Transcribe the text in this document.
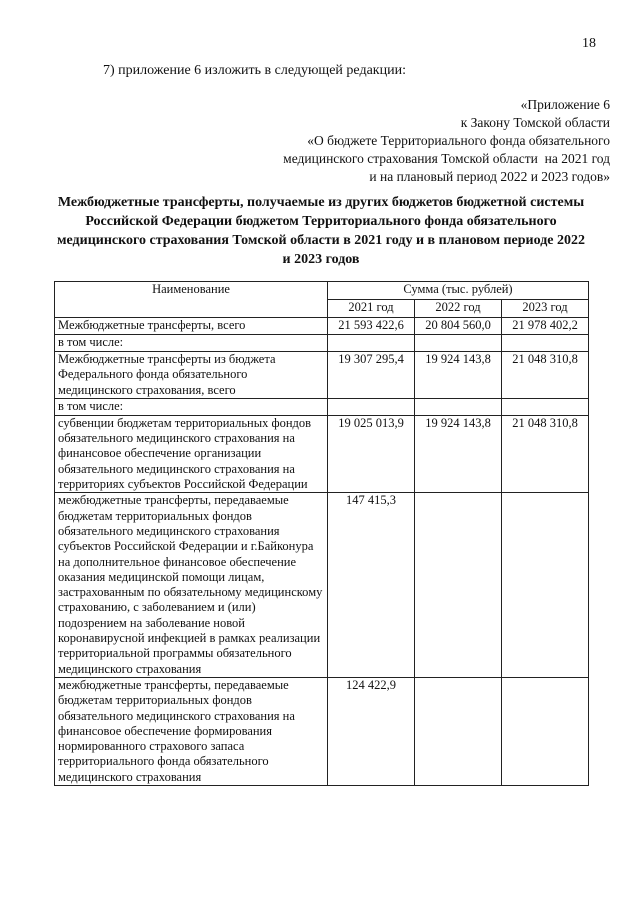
18
7) приложение 6 изложить в следующей редакции:
«Приложение 6
к Закону Томской области
«О бюджете Территориального фонда обязательного
медицинского страхования Томской области  на 2021 год
и на плановый период 2022 и 2023 годов»
Межбюджетные трансферты, получаемые из других бюджетов бюджетной системы Российской Федерации бюджетом Территориального фонда обязательного медицинского страхования Томской области в 2021 году и в плановом периоде 2022 и 2023 годов
Наименование	Сумма (тыс. рублей)		
	2021 год	2022 год	2023 год
Межбюджетные трансферты, всего	21 593 422,6	20 804 560,0	21 978 402,2
в том числе:			
Межбюджетные трансферты из бюджета Федерального фонда обязательного медицинского страхования, всего	19 307 295,4	19 924 143,8	21 048 310,8
в том числе:			
субвенции бюджетам территориальных фондов обязательного медицинского страхования на финансовое обеспечение организации обязательного медицинского страхования на территориях субъектов Российской Федерации	19 025 013,9	19 924 143,8	21 048 310,8
межбюджетные трансферты, передаваемые бюджетам территориальных фондов обязательного медицинского страхования субъектов Российской Федерации и г.Байконура на дополнительное финансовое обеспечение оказания медицинской помощи лицам, застрахованным по обязательному медицинскому страхованию, с заболеванием и (или) подозрением на заболевание новой коронавирусной инфекцией в рамках реализации территориальной программы обязательного медицинского страхования	147 415,3		
межбюджетные трансферты, передаваемые бюджетам территориальных фондов обязательного медицинского страхования на финансовое обеспечение формирования нормированного страхового запаса территориального фонда обязательного медицинского страхования	124 422,9		
